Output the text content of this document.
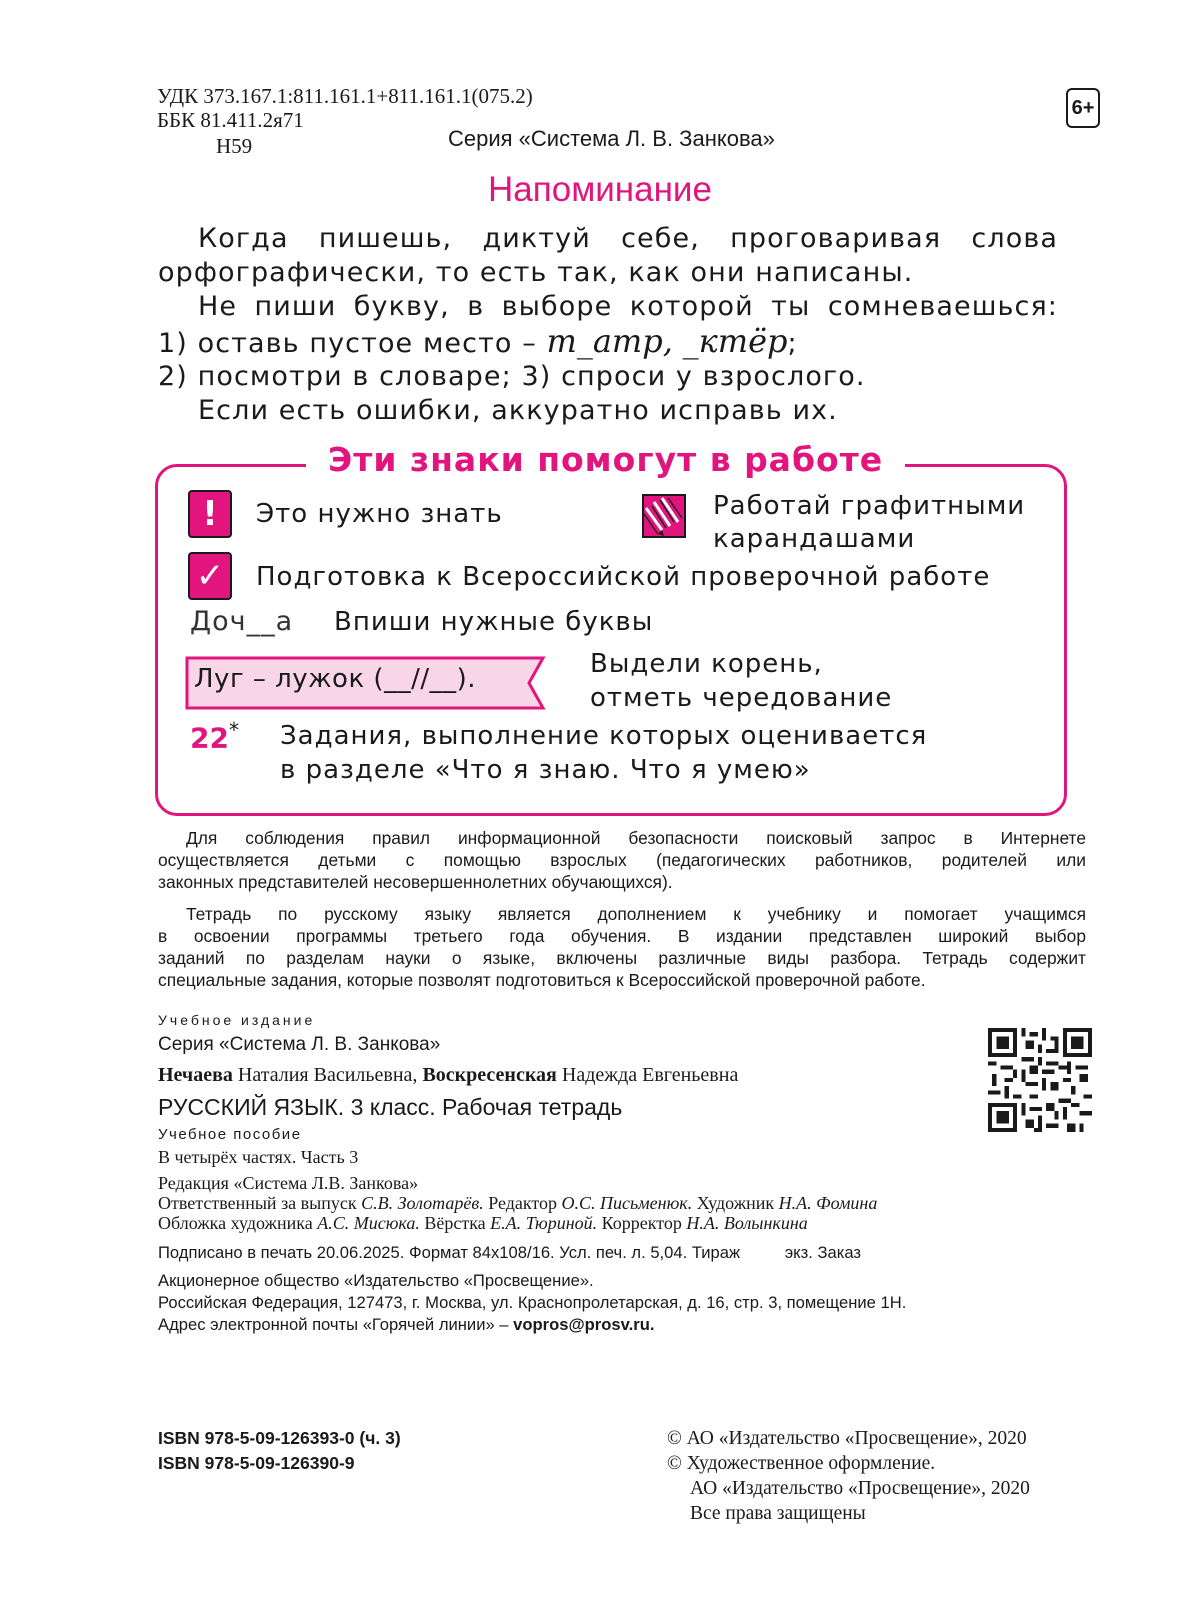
УДК 373.167.1:811.161.1+811.161.1(075.2)
ББК 81.411.2я71
Н59
6+
Серия «Система Л. В. Занкова»
Напоминание
Когда пишешь, диктуй себе, проговаривая слова
орфографически, то есть так, как они написаны.
Не пиши букву, в выборе которой ты сомневаешься:
1) оставь пустое место – т_атр, _ктёр;
2) посмотри в словаре; 3) спроси у взрослого.
Если есть ошибки, аккуратно исправь их.
Эти знаки помогут в работе
!	Это нужно знать	Работай графитными
карандашами
✓ Подготовка к Всероссийской проверочной работе
Доч__а Впиши нужные буквы
Луг – лужок (__//__).	Выдели корень,
отметь чередование
22* Задания, выполнение которых оценивается
в разделе «Что я знаю. Что я умею»
Для соблюдения правил информационной безопасности поисковый запрос в Интернете
осуществляется детьми с помощью взрослых (педагогических работников, родителей или
законных представителей несовершеннолетних обучающихся).
Тетрадь по русскому языку является дополнением к учебнику и помогает учащимся
в освоении программы третьего года обучения. В издании представлен широкий выбор
заданий по разделам науки о языке, включены различные виды разбора. Тетрадь содержит
специальные задания, которые позволят подготовиться к Всероссийской проверочной работе.
Учебное издание
Серия «Система Л. В. Занкова»
Нечаева Наталия Васильевна, Воскресенская Надежда Евгеньевна
РУССКИЙ ЯЗЫК. 3 класс. Рабочая тетрадь
Учебное пособие
В четырёх частях. Часть 3
Редакция «Система Л.В. Занкова»
Ответственный за выпуск С.В. Золотарёв. Редактор О.С. Письменюк. Художник Н.А. Фомина
Обложка художника А.С. Мисюка. Вёрстка Е.А. Тюриной. Корректор Н.А. Волынкина
Подписано в печать 20.06.2025. Формат 84x108/16. Усл. печ. л. 5,04. Тираж	экз. Заказ
Акционерное общество «Издательство «Просвещение».
Российская Федерация, 127473, г. Москва, ул. Краснопролетарская, д. 16, стр. 3, помещение 1Н.
Адрес электронной почты «Горячей линии» – vopros@prosv.ru.
ISBN 978-5-09-126393-0 (ч. 3)
ISBN 978-5-09-126390-9
© АО «Издательство «Просвещение», 2020
© Художественное оформление.
АО «Издательство «Просвещение», 2020
Все права защищены
